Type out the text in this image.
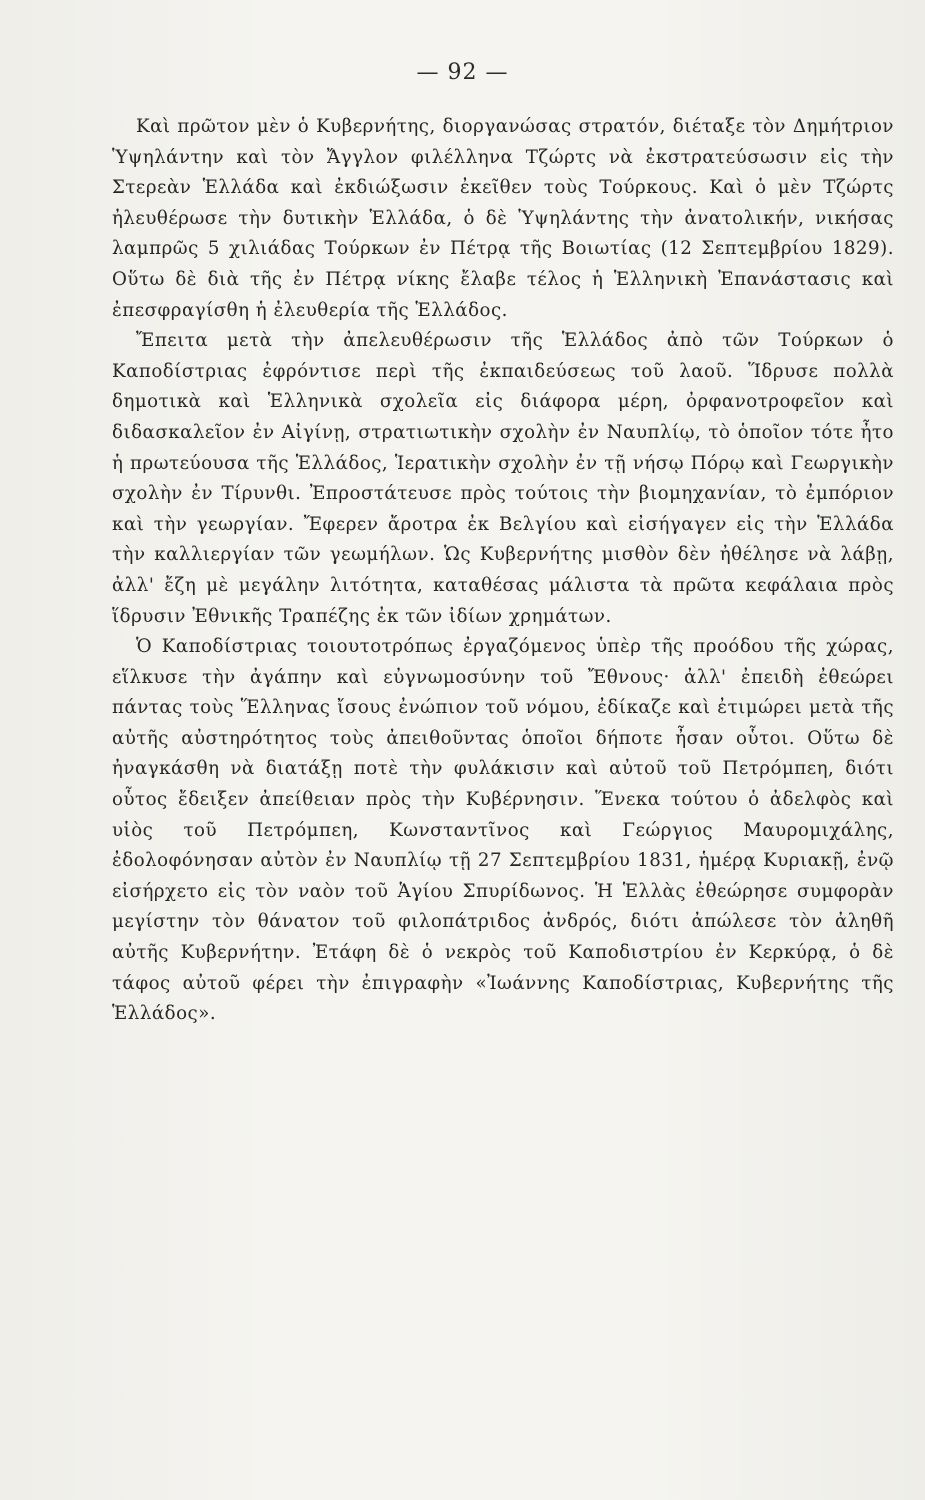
— 92 —

Καὶ πρῶτον μὲν ὁ Κυβερνήτης, διοργανώσας στρατόν, διέταξε τὸν Δημήτριον Ὑψηλάντην καὶ τὸν Ἄγγλον φιλέλληνα Τζώρτς νὰ ἐκστρατεύσωσιν εἰς τὴν Στερεὰν Ἑλλάδα καὶ ἐκδιώξωσιν ἐκεῖθεν τοὺς Τούρκους. Καὶ ὁ μὲν Τζώρτς ἠλευθέρωσε τὴν δυτικὴν Ἑλλάδα, ὁ δὲ Ὑψηλάντης τὴν ἀνατολικήν, νικήσας λαμπρῶς 5 χιλιάδας Τούρκων ἐν Πέτρᾳ τῆς Βοιωτίας (12 Σεπτεμβρίου 1829). Οὕτω δὲ διὰ τῆς ἐν Πέτρᾳ νίκης ἔλαβε τέλος ἡ Ἑλληνικὴ Ἐπανάστασις καὶ ἐπεσφραγίσθη ἡ ἐλευθερία τῆς Ἑλλάδος.

Ἔπειτα μετὰ τὴν ἀπελευθέρωσιν τῆς Ἑλλάδος ἀπὸ τῶν Τούρκων ὁ Καποδίστριας ἐφρόντισε περὶ τῆς ἐκπαιδεύσεως τοῦ λαοῦ. Ἵδρυσε πολλὰ δημοτικὰ καὶ Ἑλληνικὰ σχολεῖα εἰς διάφορα μέρη, ὀρφανοτροφεῖον καὶ διδασκαλεῖον ἐν Αἰγίνῃ, στρατιωτικὴν σχολὴν ἐν Ναυπλίῳ, τὸ ὁποῖον τότε ἦτο ἡ πρωτεύουσα τῆς Ἑλλάδος, Ἱερατικὴν σχολὴν ἐν τῇ νήσῳ Πόρῳ καὶ Γεωργικὴν σχολὴν ἐν Τίρυνθι. Ἐπροστάτευσε πρὸς τούτοις τὴν βιομηχανίαν, τὸ ἐμπόριον καὶ τὴν γεωργίαν. Ἔφερεν ἄροτρα ἐκ Βελγίου καὶ εἰσήγαγεν εἰς τὴν Ἑλλάδα τὴν καλλιεργίαν τῶν γεωμήλων. Ὡς Κυβερνήτης μισθὸν δὲν ἠθέλησε νὰ λάβῃ, ἀλλ' ἔζη μὲ μεγάλην λιτότητα, καταθέσας μάλιστα τὰ πρῶτα κεφάλαια πρὸς ἵδρυσιν Ἐθνικῆς Τραπέζης ἐκ τῶν ἰδίων χρημάτων.

Ὁ Καποδίστριας τοιουτοτρόπως ἐργαζόμενος ὑπὲρ τῆς προόδου τῆς χώρας, εἵλκυσε τὴν ἀγάπην καὶ εὐγνωμοσύνην τοῦ Ἔθνους· ἀλλ' ἐπειδὴ ἐθεώρει πάντας τοὺς Ἕλληνας ἴσους ἐνώπιον τοῦ νόμου, ἐδίκαζε καὶ ἐτιμώρει μετὰ τῆς αὐτῆς αὐστηρότητος τοὺς ἀπειθοῦντας ὁποῖοι δήποτε ἦσαν οὗτοι. Οὕτω δὲ ἠναγκάσθη νὰ διατάξῃ ποτὲ τὴν φυλάκισιν καὶ αὐτοῦ τοῦ Πετρόμπεη, διότι οὗτος ἔδειξεν ἀπείθειαν πρὸς τὴν Κυβέρνησιν. Ἕνεκα τούτου ὁ ἀδελφὸς καὶ υἱὸς τοῦ Πετρόμπεη, Κωνσταντῖνος καὶ Γεώργιος Μαυρομιχάλης, ἐδολοφόνησαν αὐτὸν ἐν Ναυπλίῳ τῇ 27 Σεπτεμβρίου 1831, ἡμέρᾳ Κυριακῇ, ἐνῷ εἰσήρχετο εἰς τὸν ναὸν τοῦ Ἁγίου Σπυρίδωνος. Ἡ Ἑλλὰς ἐθεώρησε συμφορὰν μεγίστην τὸν θάνατον τοῦ φιλοπάτριδος ἀνδρός, διότι ἀπώλεσε τὸν ἀληθῆ αὐτῆς Κυβερνήτην. Ἐτάφη δὲ ὁ νεκρὸς τοῦ Καποδιστρίου ἐν Κερκύρᾳ, ὁ δὲ τάφος αὐτοῦ φέρει τὴν ἐπιγραφὴν «Ἰωάννης Καποδίστριας, Κυβερνήτης τῆς Ἑλλάδος».
